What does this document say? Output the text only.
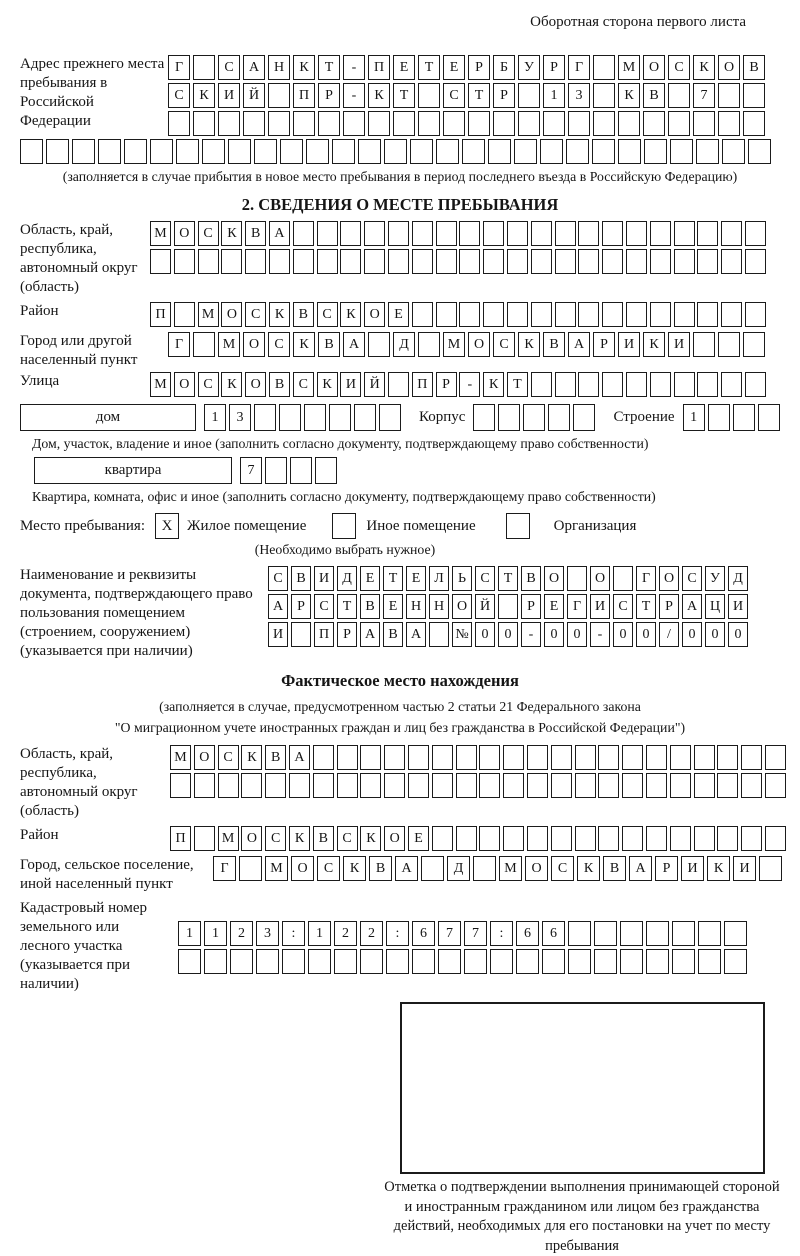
Оборотная сторона первого листа
Адрес прежнего места пребывания в Российской Федерации
Г	С	А	Н	К	Т	-	П	Е	Т	Е	Р	Б	У	Р	Г	М О	С	К	О	В
С	К	И	Й	П	Р	-	К	Т	С	Т	Р	1	3	К	В	7
(заполняется в случае прибытия в новое место пребывания в период последнего въезда в Российскую Федерацию)
2. СВЕДЕНИЯ О МЕСТЕ ПРЕБЫВАНИЯ
Область, край, республика, автономный округ (область)
М О	С	К	В	А
Район	П	М О	С	К	В	С	К	О	Е
Город или другой населенный пункт
Г	М О	С	К	В	А	Д	М О	С	К	В	А	Р	И	К	И
Улица	М О	С	К	О	В	С	К	И Й	П	Р	-	К	Т
дом	1	3	Корпус	Строение	1
Дом, участок, владение и иное (заполнить согласно документу, подтверждающему право собственности)
квартира	7
Квартира, комната, офис и иное (заполнить согласно документу, подтверждающему право собственности)
Место пребывания:	X Жилое помещение	Иное помещение	Организация
(Необходимо выбрать нужное)
Наименование и реквизиты документа, подтверждающего право пользования помещением (строением, сооружением) (указывается при наличии)
С В И Д Е	Т	Е Л	Ь	С	Т	В О	О	Г О С У Д
А	Р	С	Т	В	Е Н Н О Й	Р	Е	Г И С	Т	Р	А Ц И
И	П	Р	А В А	№ 0	0	-	0	0	-	0	0	/	0	0	0
Фактическое место нахождения
(заполняется в случае, предусмотренном частью 2 статьи 21 Федерального закона
"О миграционном учете иностранных граждан и лиц без гражданства в Российской Федерации")
Область, край, республика, автономный округ (область)
М О	С	К	В	А
Район	П	М О	С	К	В	С	К	О	Е
Город, сельское поселение, иной населенный пункт
Г	М	О	С	К	В	А	Д	М	О	С	К	В	А	Р	И	К	И
Кадастровый номер земельного или лесного участка (указывается при наличии)
1	1	2	3	:	1	2	2	:	6	7	7	:	6	6
Отметка о подтверждении выполнения принимающей стороной и иностранным гражданином или лицом без гражданства действий, необходимых для его постановки на учет по месту пребывания
